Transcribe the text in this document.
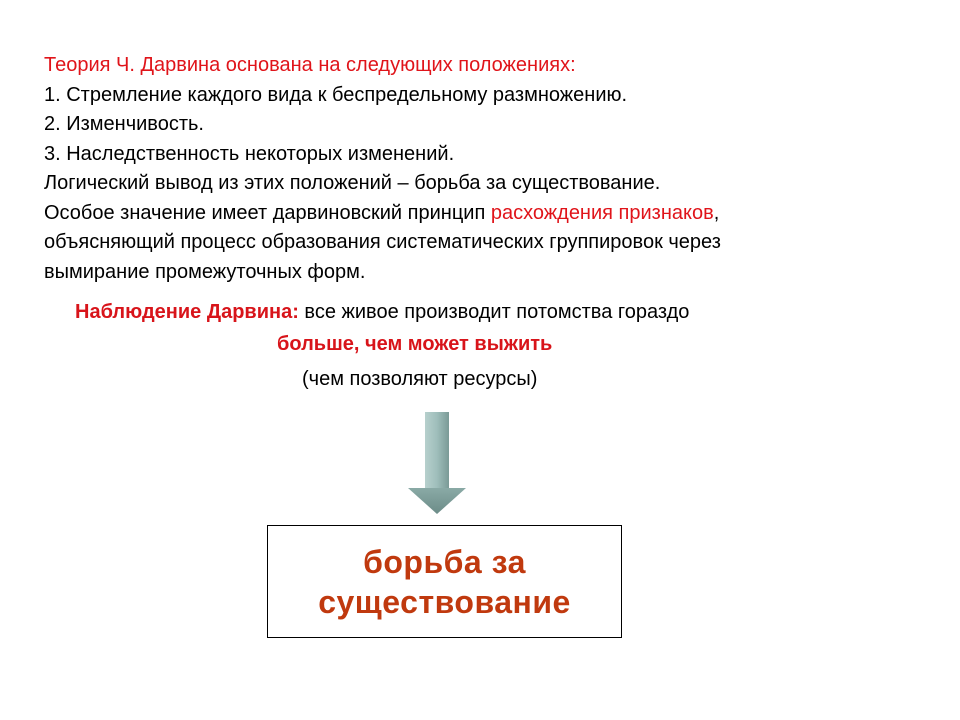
Теория Ч. Дарвина основана на следующих положениях:
1. Стремление каждого вида к беспредельному размножению.
2. Изменчивость.
3. Наследственность некоторых изменений.
Логический вывод из этих положений – борьба за существование.
Особое значение имеет дарвиновский принцип расхождения признаков,
объясняющий процесс образования систематических группировок через
вымирание промежуточных форм.
Наблюдение Дарвина: все живое производит потомства гораздо
больше, чем может выжить
(чем позволяют ресурсы)
борьба за
существование
